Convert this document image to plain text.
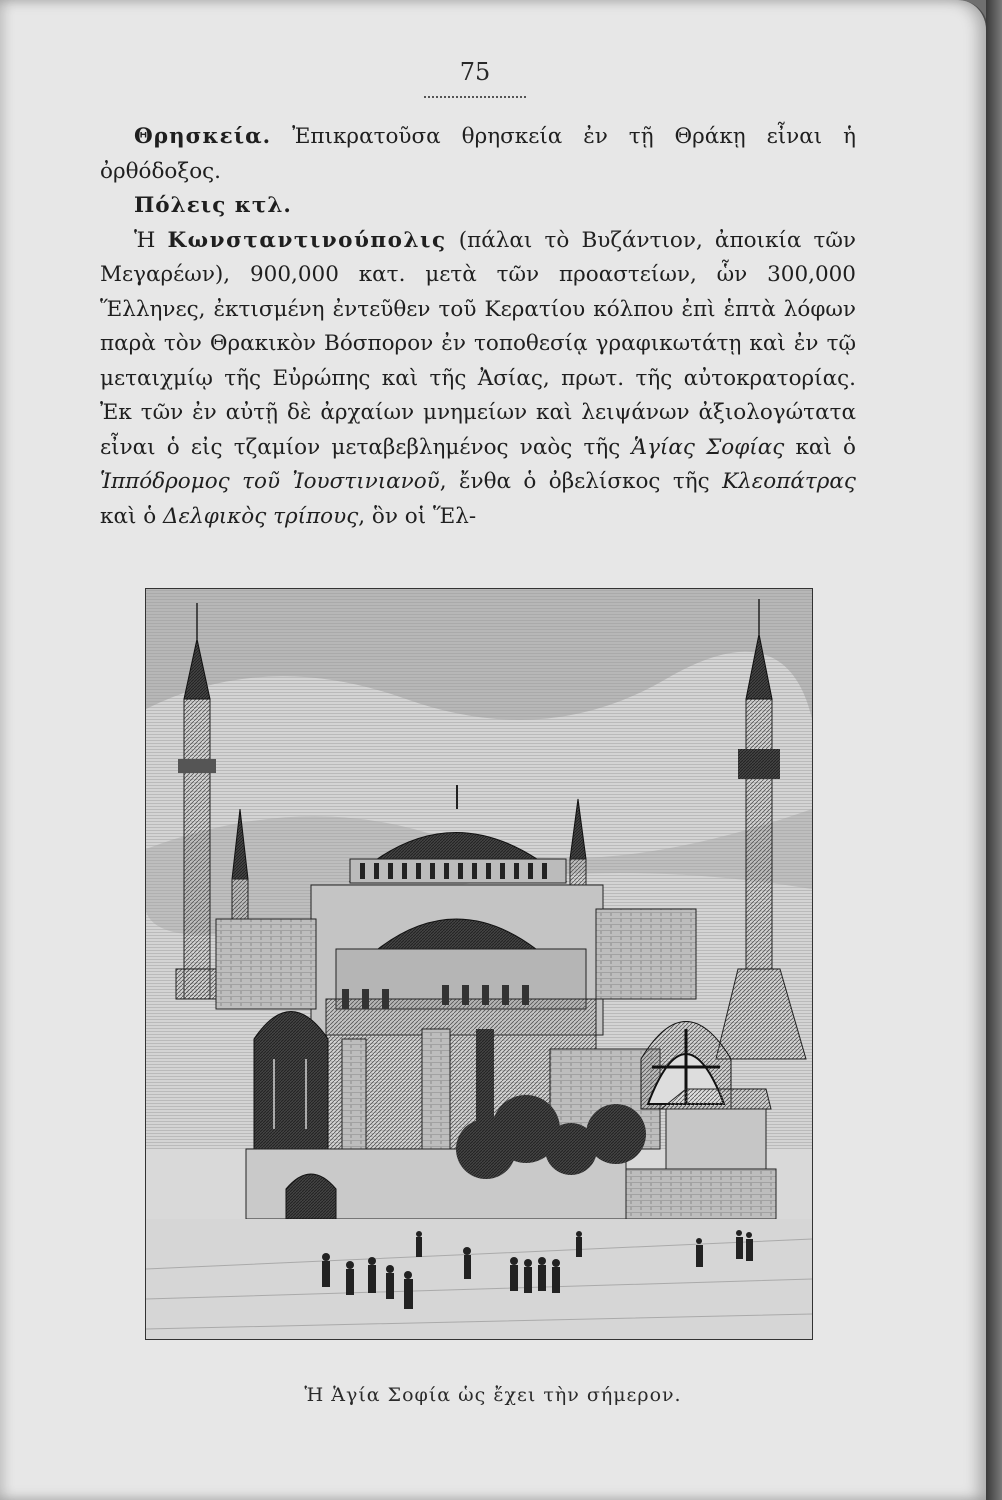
75

Θρησκεία. Ἐπικρατοῦσα θρησκεία ἐν τῇ Θράκῃ εἶναι ἡ ὀρθόδοξος.

Πόλεις κτλ.

Ἡ Κωνσταντινούπολις (πάλαι τὸ Βυζάντιον, ἀποικία τῶν Μεγαρέων), 900,000 κατ. μετὰ τῶν προαστείων, ὧν 300,000 Ἕλληνες, ἐκτισμένη ἐντεῦθεν τοῦ Κερατίου κόλπου ἐπὶ ἑπτὰ λόφων παρὰ τὸν Θρακικὸν Βόσπορον ἐν τοποθεσίᾳ γραφικωτάτῃ καὶ ἐν τῷ μεταιχμίῳ τῆς Εὐρώπης καὶ τῆς Ἀσίας, πρωτ. τῆς αὐτοκρατορίας. Ἐκ τῶν ἐν αὐτῇ δὲ ἀρχαίων μνημείων καὶ λειψάνων ἀξιολογώτατα εἶναι ὁ εἰς τζαμίον μεταβεβλημένος ναὸς τῆς Ἁγίας Σοφίας καὶ ὁ Ἱππόδρομος τοῦ Ἰουστινιανοῦ, ἔνθα ὁ ὀβελίσκος τῆς Κλεοπάτρας καὶ ὁ Δελφικὸς τρίπους, ὃν οἱ Ἕλ-

Ἡ Ἁγία Σοφία ὡς ἔχει τὴν σήμερον.
